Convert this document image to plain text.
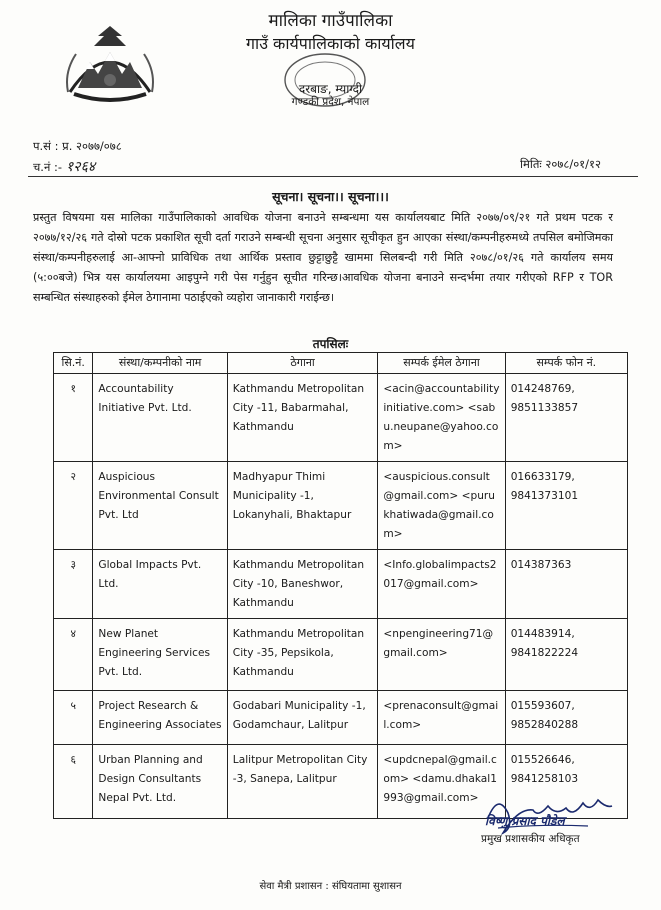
मालिका गाउँपालिका
गाउँ कार्यपालिकाको कार्यालय
दरबाङ, म्याग्दी
गण्डकी प्रदेश, नेपाल
प.सं : प्र. २०७७/०७८
च.नं :- १२६४	मितिः २०७८/०१/१२
सूचना। सूचना।। सूचना।।।
प्रस्तुत विषयमा यस मालिका गाउँपालिकाको आवधिक योजना बनाउने सम्बन्धमा यस कार्यालयबाट मिति २०७७/०९/२१ गते प्रथम पटक र २०७७/१२/२६ गते दोस्रो पटक प्रकाशित सूची दर्ता गराउने सम्बन्धी सूचना अनुसार सूचीकृत हुन आएका संस्था/कम्पनीहरुमध्ये तपसिल बमोजिमका संस्था/कम्पनीहरुलाई आ-आफ्नो प्राविधिक तथा आर्थिक प्रस्ताव छुट्टाछुट्टै खाममा सिलबन्दी गरी मिति २०७८/०१/२६ गते कार्यालय समय (५:००बजे) भित्र यस कार्यालयमा आइपुग्ने गरी पेस गर्नुहुन सूचीत गरिन्छ।आवधिक योजना बनाउने सन्दर्भमा तयार गरीएको RFP र TOR सम्बन्धित संस्थाहरुको ईमेल ठेगानामा पठाईएको व्यहोरा जानाकारी गराईन्छ।
तपसिलः
सि.नं.	संस्था/कम्पनीको नाम	ठेगाना	सम्पर्क ईमेल ठेगाना	सम्पर्क फोन नं.
१	Accountability Initiative Pvt. Ltd.	Kathmandu Metropolitan City -11, Babarmahal, Kathmandu	<acin@accountabilityinitiative.com> <sabu.neupane@yahoo.com>	014248769, 9851133857
२	Auspicious Environmental Consult Pvt. Ltd	Madhyapur Thimi Municipality -1, Lokanyhali, Bhaktapur	<auspicious.consult@gmail.com> <purukhatiwada@gmail.com>	016633179, 9841373101
३	Global Impacts Pvt. Ltd.	Kathmandu Metropolitan City -10, Baneshwor, Kathmandu	<Info.globalimpacts2017@gmail.com>	014387363
४	New Planet Engineering Services Pvt. Ltd.	Kathmandu Metropolitan City -35, Pepsikola, Kathmandu	<npengineering71@gmail.com>	014483914, 9841822224
५	Project Research & Engineering Associates	Godabari Municipality -1, Godamchaur, Lalitpur	<prenaconsult@gmail.com>	015593607, 9852840288
६	Urban Planning and Design Consultants Nepal Pvt. Ltd.	Lalitpur Metropolitan City -3, Sanepa, Lalitpur	<updcnepal@gmail.com> <damu.dhakal1993@gmail.com>	015526646, 9841258103
विष्णु प्रसाद पौडेल
प्रमुख प्रशासकीय अधिकृत
सेवा मैत्री प्रशासन : संघियतामा सुशासन
